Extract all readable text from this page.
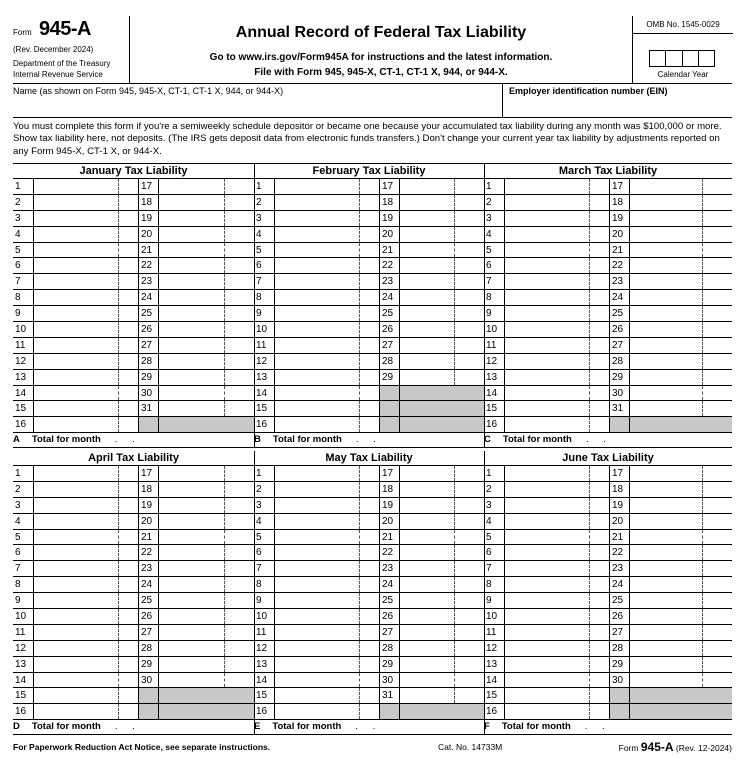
Form 945-A
(Rev. December 2024)
Department of the Treasury
Internal Revenue Service
Annual Record of Federal Tax Liability
Go to www.irs.gov/Form945A for instructions and the latest information.
File with Form 945, 945-X, CT-1, CT-1 X, 944, or 944-X.
OMB No. 1545-0029
Calendar Year
Name (as shown on Form 945, 945-X, CT-1, CT-1 X, 944, or 944-X)	Employer identification number (EIN)
You must complete this form if you're a semiweekly schedule depositor or became one because your accumulated tax liability during any month was $100,000 or more. Show tax liability here, not deposits. (The IRS gets deposit data from electronic funds transfers.) Don't change your current year tax liability by adjustments reported on any Form 945-X, CT-1 X, or 944-X.
January Tax Liability
1	17
2	18
3	19
4	20
5	21
6	22
7	23
8	24
9	25
10	26
11	27
12	28
13	29
14	30
15	31
16
A Total for month . .
February Tax Liability
1	17
2	18
3	19
4	20
5	21
6	22
7	23
8	24
9	25
10	26
11	27
12	28
13	29
14
15
16
B Total for month . .
March Tax Liability
1	17
2	18
3	19
4	20
5	21
6	22
7	23
8	24
9	25
10	26
11	27
12	28
13	29
14	30
15	31
16
C Total for month . .
April Tax Liability
1	17
2	18
3	19
4	20
5	21
6	22
7	23
8	24
9	25
10	26
11	27
12	28
13	29
14	30
15
16
D Total for month . .
May Tax Liability
1	17
2	18
3	19
4	20
5	21
6	22
7	23
8	24
9	25
10	26
11	27
12	28
13	29
14	30
15	31
16
E Total for month . .
June Tax Liability
1	17
2	18
3	19
4	20
5	21
6	22
7	23
8	24
9	25
10	26
11	27
12	28
13	29
14	30
15
16
F Total for month . .
For Paperwork Reduction Act Notice, see separate instructions.	Cat. No. 14733M	Form 945-A (Rev. 12-2024)
